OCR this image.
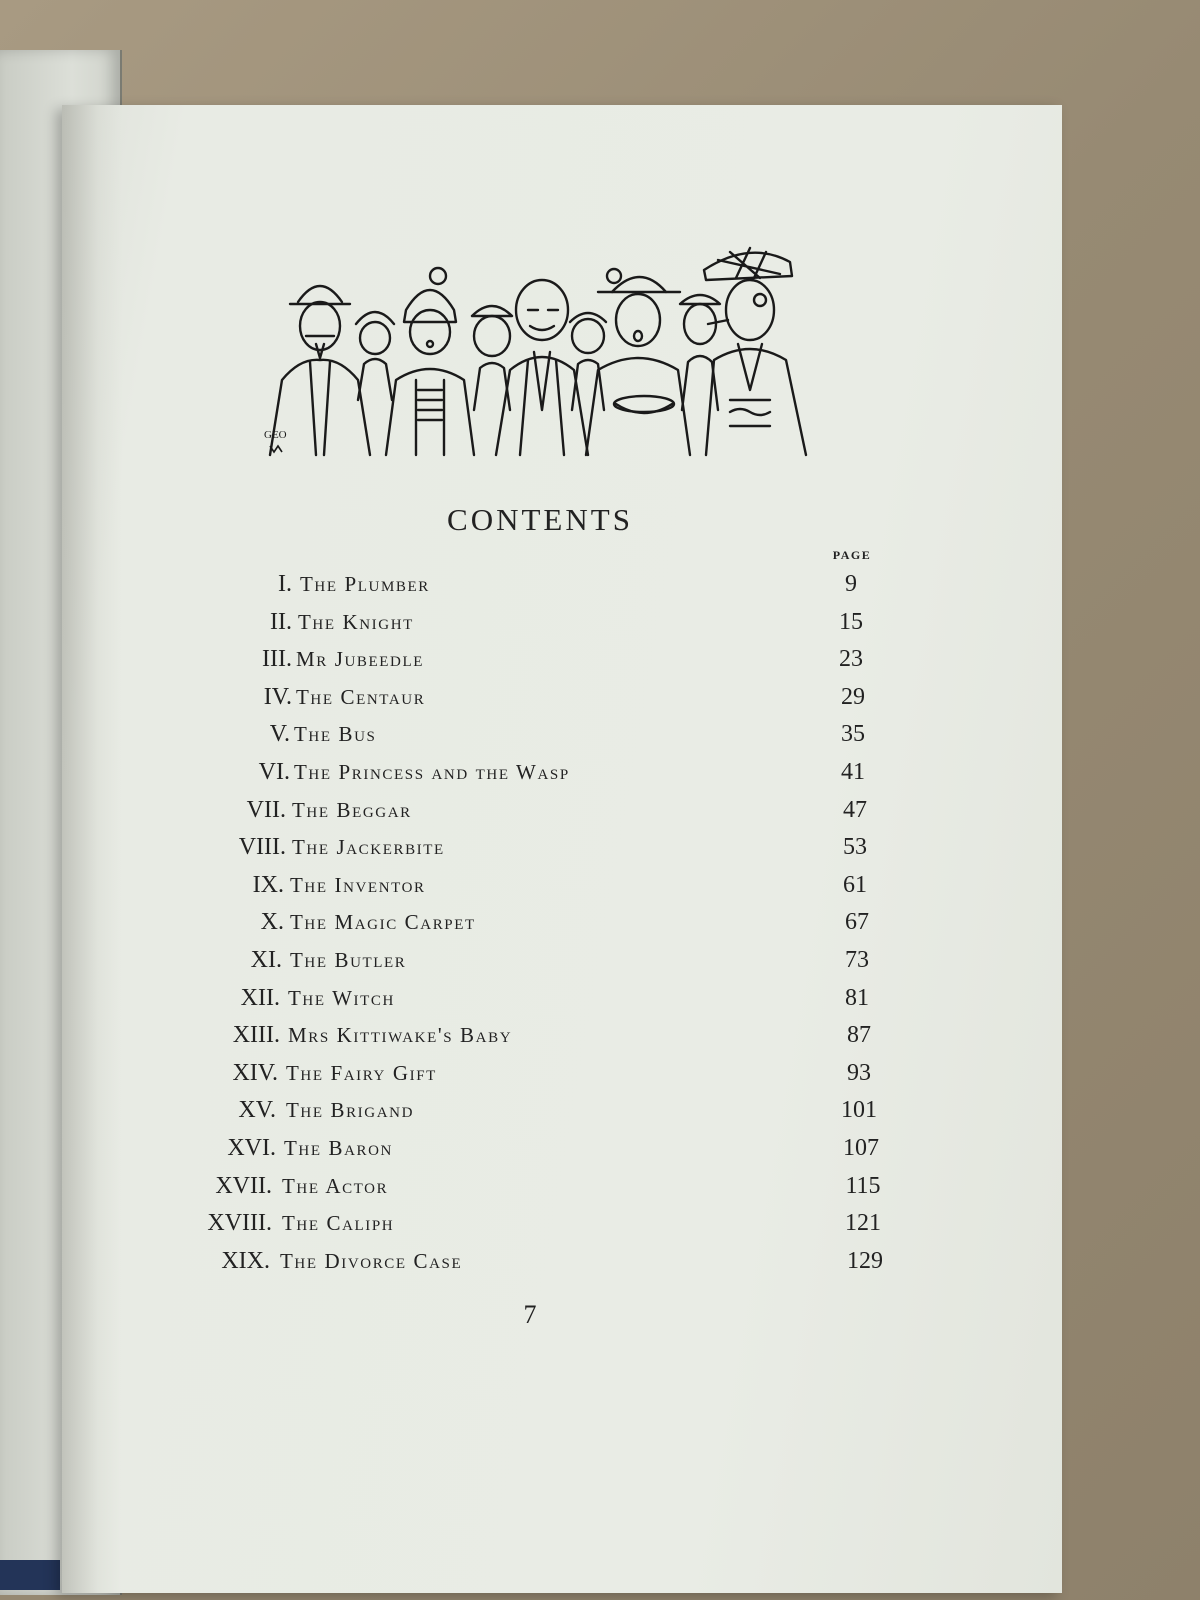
GEO
CONTENTS
PAGE
I. The Plumber	9
II. The Knight	15
III. Mr Jubeedle	23
IV. The Centaur	29
V. The Bus	35
VI. The Princess and the Wasp	41
VII. The Beggar	47
VIII. The Jackerbite	53
IX. The Inventor	61
X. The Magic Carpet	67
XI. The Butler	73
XII. The Witch	81
XIII. Mrs Kittiwake's Baby	87
XIV. The Fairy Gift	93
XV. The Brigand	101
XVI. The Baron	107
XVII. The Actor	115
XVIII. The Caliph	121
XIX. The Divorce Case	129
7
